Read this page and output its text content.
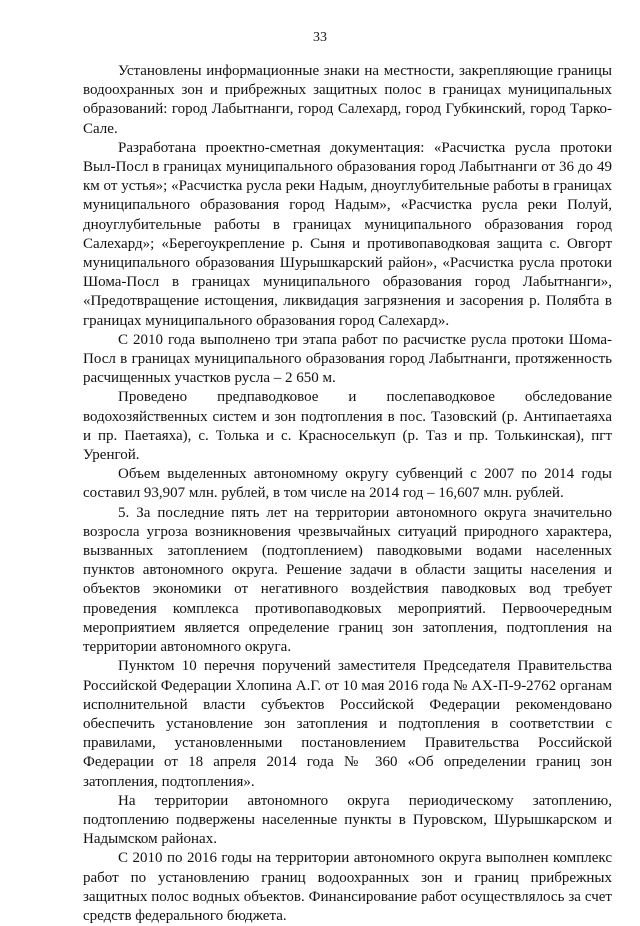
33

Установлены информационные знаки на местности, закрепляющие границы водоохранных зон и прибрежных защитных полос в границах муниципальных образований: город Лабытнанги, город Салехард, город Губкинский, город Тарко-Сале.

Разработана проектно-сметная документация: «Расчистка русла протоки Выл-Посл в границах муниципального образования город Лабытнанги от 36 до 49 км от устья»; «Расчистка русла реки Надым, дноуглубительные работы в границах муниципального образования город Надым», «Расчистка русла реки Полуй, дноуглубительные работы в границах муниципального образования город Салехард»; «Берегоукрепление р. Сыня и противопаводковая защита с. Овгорт муниципального образования Шурышкарский район», «Расчистка русла протоки Шома-Посл в границах муниципального образования город Лабытнанги», «Предотвращение истощения, ликвидация загрязнения и засорения р. Полябта в границах муниципального образования город Салехард».

С 2010 года выполнено три этапа работ по расчистке русла протоки Шома-Посл в границах муниципального образования город Лабытнанги, протяженность расчищенных участков русла – 2 650 м.

Проведено предпаводковое и послепаводковое обследование водохозяйственных систем и зон подтопления в пос. Тазовский (р. Антипаетаяха и пр. Паетаяха), с. Толька и с. Красноселькуп (р. Таз и пр. Толькинская), пгт Уренгой.

Объем выделенных автономному округу субвенций с 2007 по 2014 годы составил 93,907 млн. рублей, в том числе на 2014 год – 16,607 млн. рублей.

5. За последние пять лет на территории автономного округа значительно возросла угроза возникновения чрезвычайных ситуаций природного характера, вызванных затоплением (подтоплением) паводковыми водами населенных пунктов автономного округа. Решение задачи в области защиты населения и объектов экономики от негативного воздействия паводковых вод требует проведения комплекса противопаводковых мероприятий. Первоочередным мероприятием является определение границ зон затопления, подтопления на территории автономного округа.

Пунктом 10 перечня поручений заместителя Председателя Правительства Российской Федерации Хлопина А.Г. от 10 мая 2016 года № АХ-П-9-2762 органам исполнительной власти субъектов Российской Федерации рекомендовано обеспечить установление зон затопления и подтопления в соответствии с правилами, установленными постановлением Правительства Российской Федерации от 18 апреля 2014 года № 360 «Об определении границ зон затопления, подтопления».

На территории автономного округа периодическому затоплению, подтоплению подвержены населенные пункты в Пуровском, Шурышкарском и Надымском районах.

С 2010 по 2016 годы на территории автономного округа выполнен комплекс работ по установлению границ водоохранных зон и границ прибрежных защитных полос водных объектов. Финансирование работ осуществлялось за счет средств федерального бюджета.
